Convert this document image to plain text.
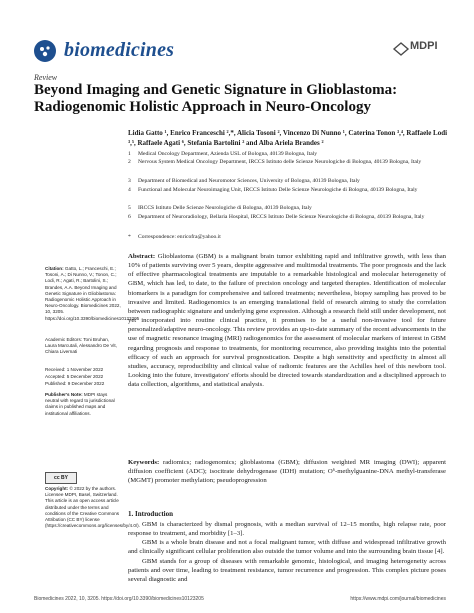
biomedicines	MDPI
Review
Beyond Imaging and Genetic Signature in Glioblastoma: Radiogenomic Holistic Approach in Neuro-Oncology
Lidia Gatto ¹, Enrico Franceschi ²,*, Alicia Tosoni ², Vincenzo Di Nunno ¹, Caterina Tonon ³,⁴, Raffaele Lodi ³,⁵, Raffaele Agati ⁶, Stefania Bartolini ² and Alba Ariela Brandes ²
1 Medical Oncology Department, Azienda USL of Bologna, 40139 Bologna, Italy
2 Nervous System Medical Oncology Department, IRCCS Istituto delle Scienze Neurologiche di Bologna, 40139 Bologna, Italy
3 Department of Biomedical and Neuromotor Sciences, University of Bologna, 40139 Bologna, Italy
4 Functional and Molecular Neuroimaging Unit, IRCCS Istituto Delle Scienze Neurologiche di Bologna, 40139 Bologna, Italy
5 IRCCS Istituto Delle Scienze Neurologiche di Bologna, 40139 Bologna, Italy
6 Department of Neuroradiology, Bellaria Hospital, IRCCS Istituto Delle Scienze Neurologiche di Bologna, 40139 Bologna, Italy
* Correspondence: enricofra@yahoo.it
Abstract: Glioblastoma (GBM) is a malignant brain tumor exhibiting rapid and infiltrative growth, with less than 10% of patients surviving over 5 years, despite aggressive and multimodal treatments. The poor prognosis and the lack of effective pharmacological treatments are imputable to a remarkable histological and molecular heterogeneity of GBM, which has led, to date, to the failure of precision oncology and targeted therapies. Identification of molecular biomarkers is a paradigm for comprehensive and tailored treatments; nevertheless, biopsy sampling has proved to be invasive and limited. Radiogenomics is an emerging translational field of research aiming to study the correlation between radiographic signature and underlying gene expression. Although a research field still under development, not yet incorporated into routine clinical practice, it promises to be a useful non-invasive tool for future personalized/adaptive neuro-oncology. This review provides an up-to-date summary of the recent advancements in the use of magnetic resonance imaging (MRI) radiogenomics for the assessment of molecular markers of interest in GBM regarding prognosis and response to treatments, for monitoring recurrence, also providing insights into the potential efficacy of such an approach for survival prognostication. Despite a high sensitivity and specificity in almost all studies, accuracy, reproducibility and clinical value of radiomic features are the Achilles heel of this newborn tool. Looking into the future, investigators' efforts should be directed towards standardization and a disciplined approach to data collection, algorithms, and statistical analysis.
Keywords: radiomics; radiogenomics; glioblastoma (GBM); diffusion weighted MR imaging (DWI); apparent diffusion coefficient (ADC); isocitrate dehydrogenase (IDH) mutation; O⁶-methylguanine-DNA methyl-transferase (MGMT) promoter methylation; pseudoprogression
Citation: Gatto, L.; Franceschi, E.; Tosoni, A.; Di Nunno, V.; Tonon, C.; Lodi, R.; Agati, R.; Bartolini, S.; Brandes, A.A. Beyond Imaging and Genetic Signature in Glioblastoma: Radiogenomic Holistic Approach in Neuro-Oncology. Biomedicines 2022, 10, 3205. https://doi.org/10.3390/biomedicines10123205
Academic Editors: Toni Bruhan, Laura Marcutali, Alessandro De Vit, Chiara Livernati
Received: 1 November 2022
Accepted: 5 December 2022
Published: 9 December 2022
Publisher's Note: MDPI stays neutral with regard to jurisdictional claims in published maps and institutional affiliations.
cc BY
Copyright: © 2022 by the authors. Licensee MDPI, Basel, Switzerland. This article is an open access article distributed under the terms and conditions of the Creative Commons Attribution (CC BY) license (https://creativecommons.org/licenses/by/4.0/).
1. Introduction

GBM is characterized by dismal prognosis, with a median survival of 12–15 months, high relapse rate, poor response to treatment, and morbidity [1–3].

GBM is a whole brain disease and not a focal malignant tumor, with diffuse and widespread infiltrative growth and clinically significant cellular proliferation also outside the tumor volume and into the surrounding brain tissue [4].

GBM stands for a group of diseases with remarkable genomic, histological, and imaging heterogeneity across patients and over time, leading to treatment resistance, tumor recurrence and progression. This complex picture poses several diagnostic and

Biomedicines 2022, 10, 3205. https://doi.org/10.3390/biomedicines10123205	https://www.mdpi.com/journal/biomedicines
